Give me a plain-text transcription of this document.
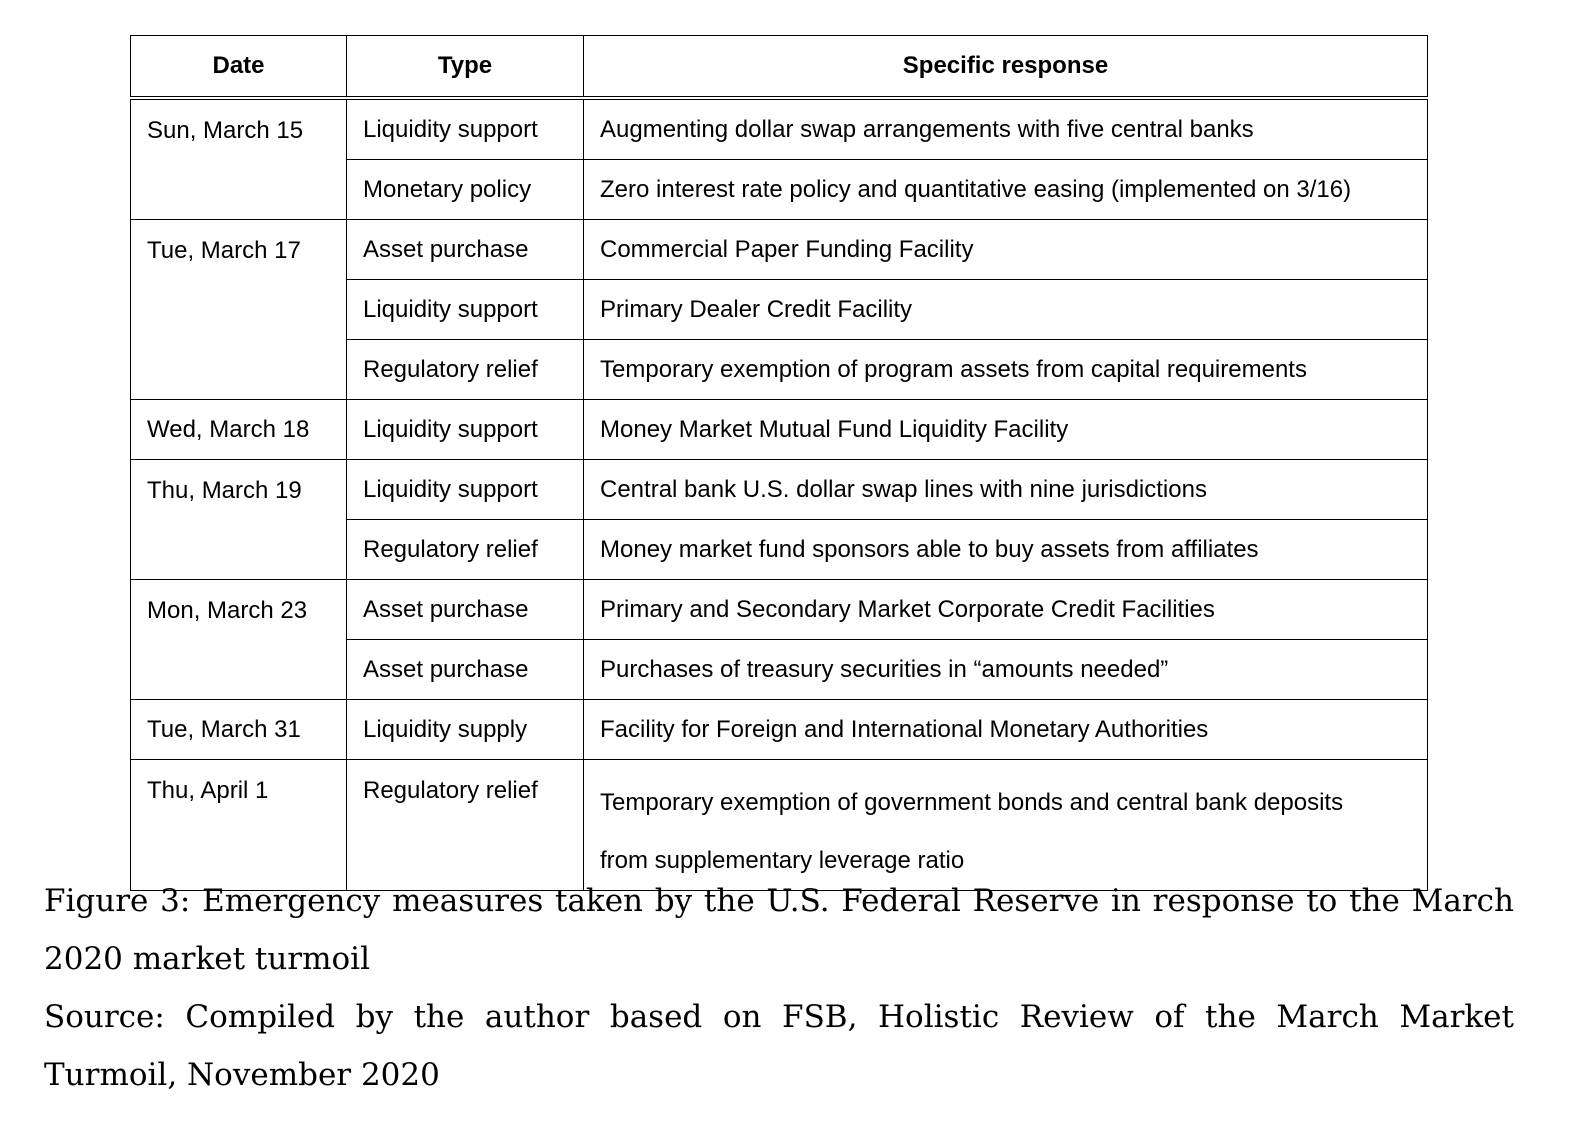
Date	Type	Specific response
Sun, March 15	Liquidity support	Augmenting dollar swap arrangements with five central banks
	Monetary policy	Zero interest rate policy and quantitative easing (implemented on 3/16)
Tue, March 17	Asset purchase	Commercial Paper Funding Facility
	Liquidity support	Primary Dealer Credit Facility
	Regulatory relief	Temporary exemption of program assets from capital requirements
Wed, March 18	Liquidity support	Money Market Mutual Fund Liquidity Facility
Thu, March 19	Liquidity support	Central bank U.S. dollar swap lines with nine jurisdictions
	Regulatory relief	Money market fund sponsors able to buy assets from affiliates
Mon, March 23	Asset purchase	Primary and Secondary Market Corporate Credit Facilities
	Asset purchase	Purchases of treasury securities in “amounts needed”
Tue, March 31	Liquidity supply	Facility for Foreign and International Monetary Authorities
Thu, April 1	Regulatory relief	Temporary exemption of government bonds and central bank deposits
from supplementary leverage ratio

Figure 3: Emergency measures taken by the U.S. Federal Reserve in response to the March 2020 market turmoil

Source: Compiled by the author based on FSB, Holistic Review of the March Market Turmoil, November 2020
